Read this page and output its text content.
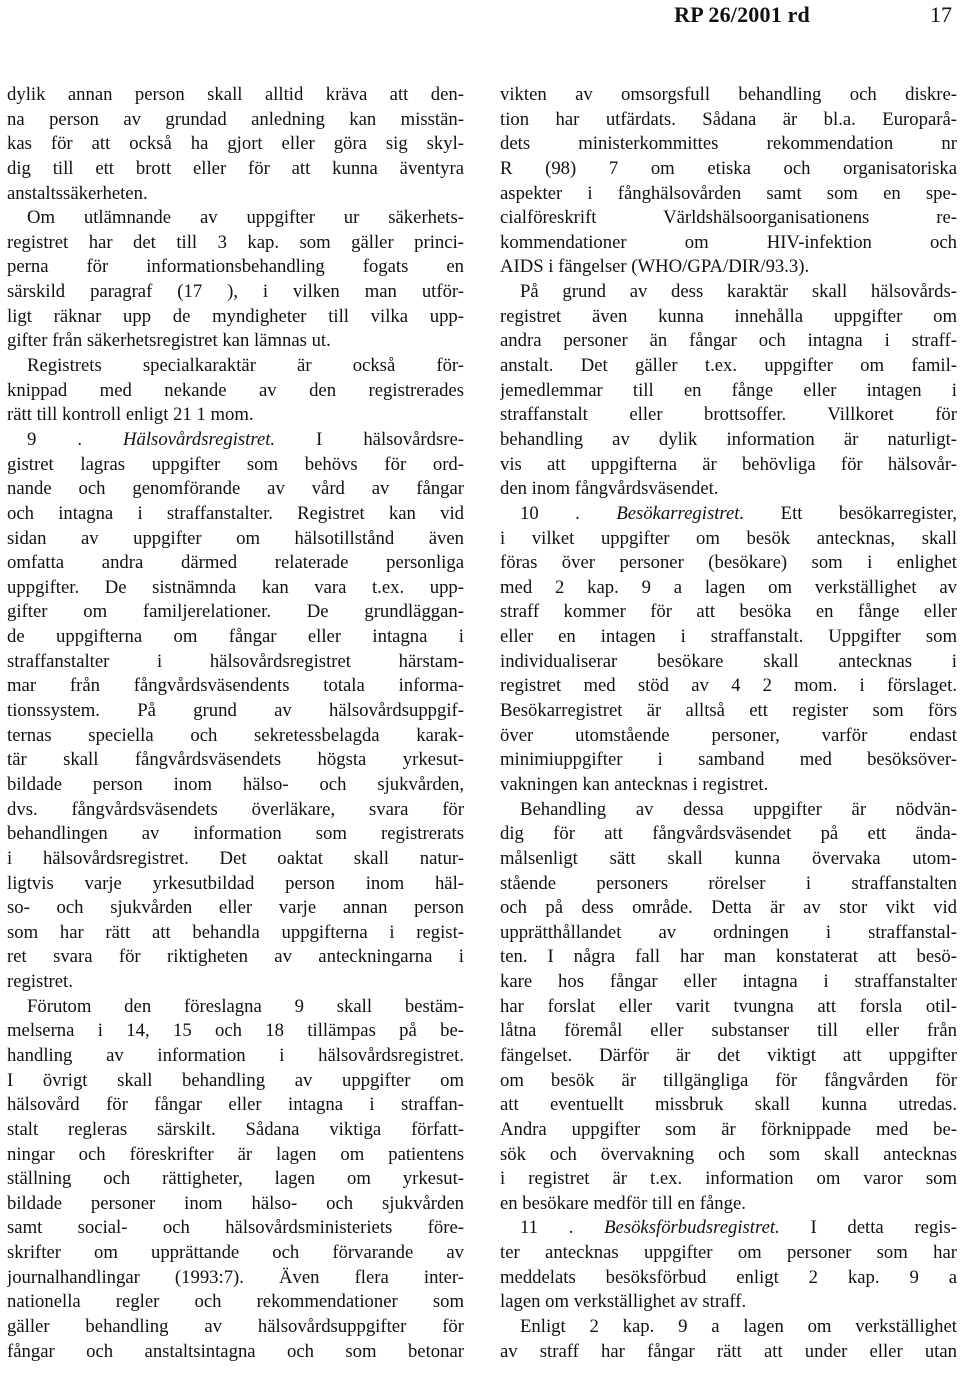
RP 26/2001 rd	17
dylik annan person skall alltid kräva att den-
na person av grundad anledning kan misstän-
kas för att också ha gjort eller göra sig skyl-
dig till ett brott eller för att kunna äventyra
anstaltssäkerheten.
Om utlämnande av uppgifter ur säkerhets-
registret har det till 3 kap. som gäller princi-
perna för informationsbehandling fogats en
särskild paragraf (17 ), i vilken man utför-
ligt räknar upp de myndigheter till vilka upp-
gifter från säkerhetsregistret kan lämnas ut.
Registrets specialkaraktär är också för-
knippad med nekande av den registrerades
rätt till kontroll enligt 21 1 mom.
9 . Hälsovårdsregistret. I hälsovårdsre-
gistret lagras uppgifter som behövs för ord-
nande och genomförande av vård av fångar
och intagna i straffanstalter. Registret kan vid
sidan av uppgifter om hälsotillstånd även
omfatta andra därmed relaterade personliga
uppgifter. De sistnämnda kan vara t.ex. upp-
gifter om familjerelationer. De grundläggan-
de uppgifterna om fångar eller intagna i
straffanstalter i hälsovårdsregistret härstam-
mar från fångvårdsväsendents totala informa-
tionssystem. På grund av hälsovårdsuppgif-
ternas speciella och sekretessbelagda karak-
tär skall fångvårdsväsendets högsta yrkesut-
bildade person inom hälso- och sjukvården,
dvs. fångvårdsväsendets överläkare, svara för
behandlingen av information som registrerats
i hälsovårdsregistret. Det oaktat skall natur-
ligtvis varje yrkesutbildad person inom häl-
so- och sjukvården eller varje annan person
som har rätt att behandla uppgifterna i regist-
ret svara för riktigheten av anteckningarna i
registret.
Förutom den föreslagna 9 skall bestäm-
melserna i 14, 15 och 18 tillämpas på be-
handling av information i hälsovårdsregistret.
I övrigt skall behandling av uppgifter om
hälsovård för fångar eller intagna i straffan-
stalt regleras särskilt. Sådana viktiga författ-
ningar och föreskrifter är lagen om patientens
ställning och rättigheter, lagen om yrkesut-
bildade personer inom hälso- och sjukvården
samt social- och hälsovårdsministeriets före-
skrifter om upprättande och förvarande av
journalhandlingar (1993:7). Även flera inter-
nationella regler och rekommendationer som
gäller behandling av hälsovårdsuppgifter för
fångar och anstaltsintagna och som betonar
vikten av omsorgsfull behandling och diskre-
tion har utfärdats. Sådana är bl.a. Europarå-
dets ministerkommittes rekommendation nr
R (98) 7 om etiska och organisatoriska
aspekter i fånghälsovården samt som en spe-
cialföreskrift Världshälsoorganisationens re-
kommendationer om HIV-infektion och
AIDS i fängelser (WHO/GPA/DIR/93.3).
På grund av dess karaktär skall hälsovårds-
registret även kunna innehålla uppgifter om
andra personer än fångar och intagna i straff-
anstalt. Det gäller t.ex. uppgifter om famil-
jemedlemmar till en fånge eller intagen i
straffanstalt eller brottsoffer. Villkoret för
behandling av dylik information är naturligt-
vis att uppgifterna är behövliga för hälsovår-
den inom fångvårdsväsendet.
10 . Besökarregistret. Ett besökarregister,
i vilket uppgifter om besök antecknas, skall
föras över personer (besökare) som i enlighet
med 2 kap. 9 a lagen om verkställighet av
straff kommer för att besöka en fånge eller
eller en intagen i straffanstalt. Uppgifter som
individualiserar besökare skall antecknas i
registret med stöd av 4 2 mom. i förslaget.
Besökarregistret är alltså ett register som förs
över utomstående personer, varför endast
minimiuppgifter i samband med besöksöver-
vakningen kan antecknas i registret.
Behandling av dessa uppgifter är nödvän-
dig för att fångvårdsväsendet på ett ända-
målsenligt sätt skall kunna övervaka utom-
stående personers rörelser i straffanstalten
och på dess område. Detta är av stor vikt vid
upprätthållandet av ordningen i straffanstal-
ten. I några fall har man konstaterat att besö-
kare hos fångar eller intagna i straffanstalter
har forslat eller varit tvungna att forsla otil-
låtna föremål eller substanser till eller från
fängelset. Därför är det viktigt att uppgifter
om besök är tillgängliga för fångvården för
att eventuellt missbruk skall kunna utredas.
Andra uppgifter som är förknippade med be-
sök och övervakning och som skall antecknas
i registret är t.ex. information om varor som
en besökare medför till en fånge.
11 . Besöksförbudsregistret. I detta regis-
ter antecknas uppgifter om personer som har
meddelats besöksförbud enligt 2 kap. 9 a
lagen om verkställighet av straff.
Enligt 2 kap. 9 a lagen om verkställighet
av straff har fångar rätt att under eller utan
